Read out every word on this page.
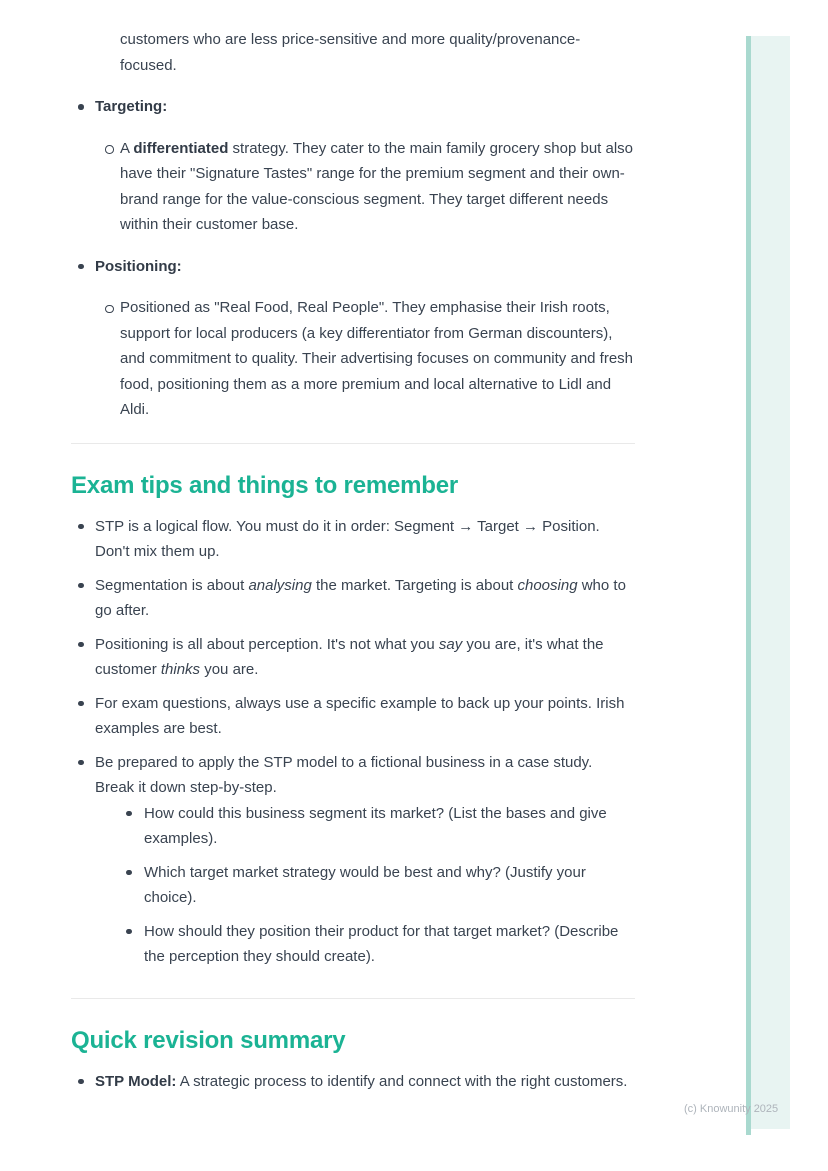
customers who are less price-sensitive and more quality/provenance-focused.

Targeting:

A differentiated strategy. They cater to the main family grocery shop but also have their "Signature Tastes" range for the premium segment and their own-brand range for the value-conscious segment. They target different needs within their customer base.

Positioning:

Positioned as "Real Food, Real People". They emphasise their Irish roots, support for local producers (a key differentiator from German discounters), and commitment to quality. Their advertising focuses on community and fresh food, positioning them as a more premium and local alternative to Lidl and Aldi.

Exam tips and things to remember

STP is a logical flow. You must do it in order: Segment → Target → Position. Don't mix them up.

Segmentation is about analysing the market. Targeting is about choosing who to go after.

Positioning is all about perception. It's not what you say you are, it's what the customer thinks you are.

For exam questions, always use a specific example to back up your points. Irish examples are best.

Be prepared to apply the STP model to a fictional business in a case study. Break it down step-by-step.

How could this business segment its market? (List the bases and give examples).

Which target market strategy would be best and why? (Justify your choice).

How should they position their product for that target market? (Describe the perception they should create).

Quick revision summary

STP Model: A strategic process to identify and connect with the right customers.

(c) Knowunity 2025
